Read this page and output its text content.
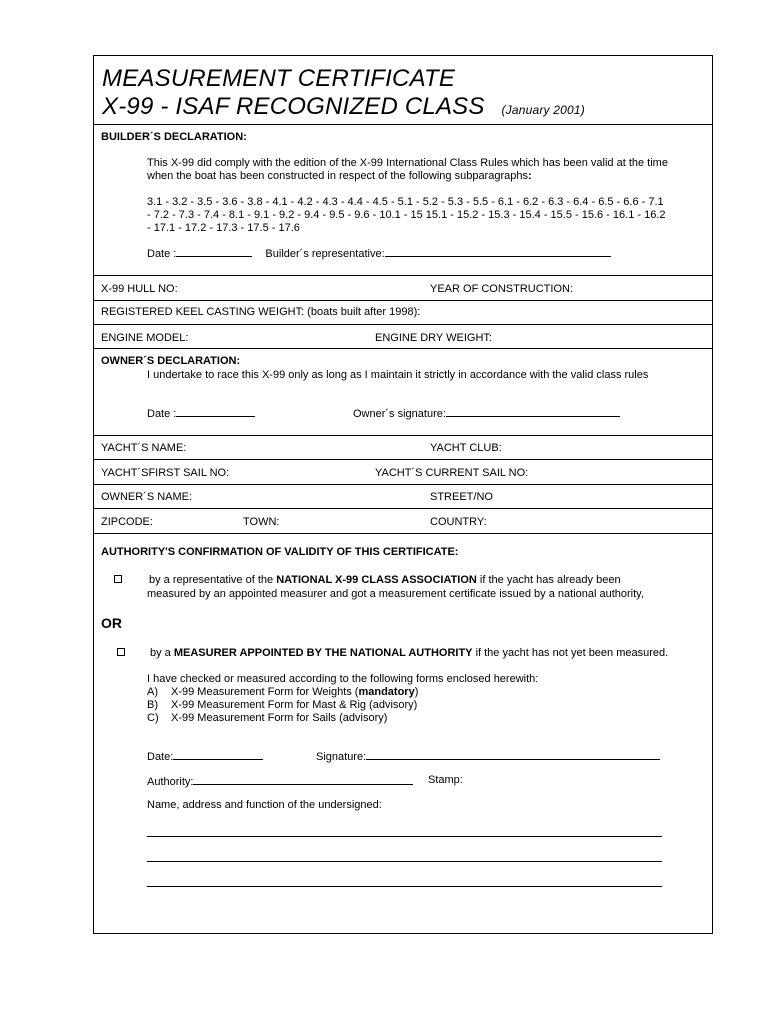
MEASUREMENT CERTIFICATE
X-99 - ISAF RECOGNIZED CLASS (January 2001)
BUILDER´S DECLARATION:
This X-99 did comply with the edition of the X-99 International Class Rules which has been valid at the time
when the boat has been constructed in respect of the following subparagraphs:
3.1 - 3.2 - 3.5 - 3.6 - 3.8 - 4.1 - 4.2 - 4.3 - 4.4 - 4.5 - 5.1 - 5.2 - 5.3 - 5.5 - 6.1 - 6.2 - 6.3 - 6.4 - 6.5 - 6.6 - 7.1
- 7.2 - 7.3 - 7.4 - 8.1 - 9.1 - 9.2 - 9.4 - 9.5 - 9.6 - 10.1 - 15 15.1 - 15.2 - 15.3 - 15.4 - 15.5 - 15.6 - 16.1 - 16.2
- 17.1 - 17.2 - 17.3 - 17.5 - 17.6
Date :	Builder´s representative:
X-99 HULL NO:	YEAR OF CONSTRUCTION:
REGISTERED KEEL CASTING WEIGHT: (boats built after 1998):
ENGINE MODEL:	ENGINE DRY WEIGHT:
OWNER´S DECLARATION:
I undertake to race this X-99 only as long as I maintain it strictly in accordance with the valid class rules
Date :	Owner´s signature:
YACHT´S NAME:	YACHT CLUB:
YACHT´SFIRST SAIL NO:	YACHT´S CURRENT SAIL NO:
OWNER´S NAME:	STREET/NO
ZIPCODE:	TOWN:	COUNTRY:
AUTHORITY'S CONFIRMATION OF VALIDITY OF THIS CERTIFICATE:
by a representative of the NATIONAL X-99 CLASS ASSOCIATION if the yacht has already been
measured by an appointed measurer and got a measurement certificate issued by a national authority,
OR
by a MEASURER APPOINTED BY THE NATIONAL AUTHORITY if the yacht has not yet been measured.
I have checked or measured according to the following forms enclosed herewith:
A) X-99 Measurement Form for Weights (mandatory)
B) X-99 Measurement Form for Mast & Rig (advisory)
C) X-99 Measurement Form for Sails (advisory)
Date:	Signature:
Authority:	Stamp:
Name, address and function of the undersigned:
